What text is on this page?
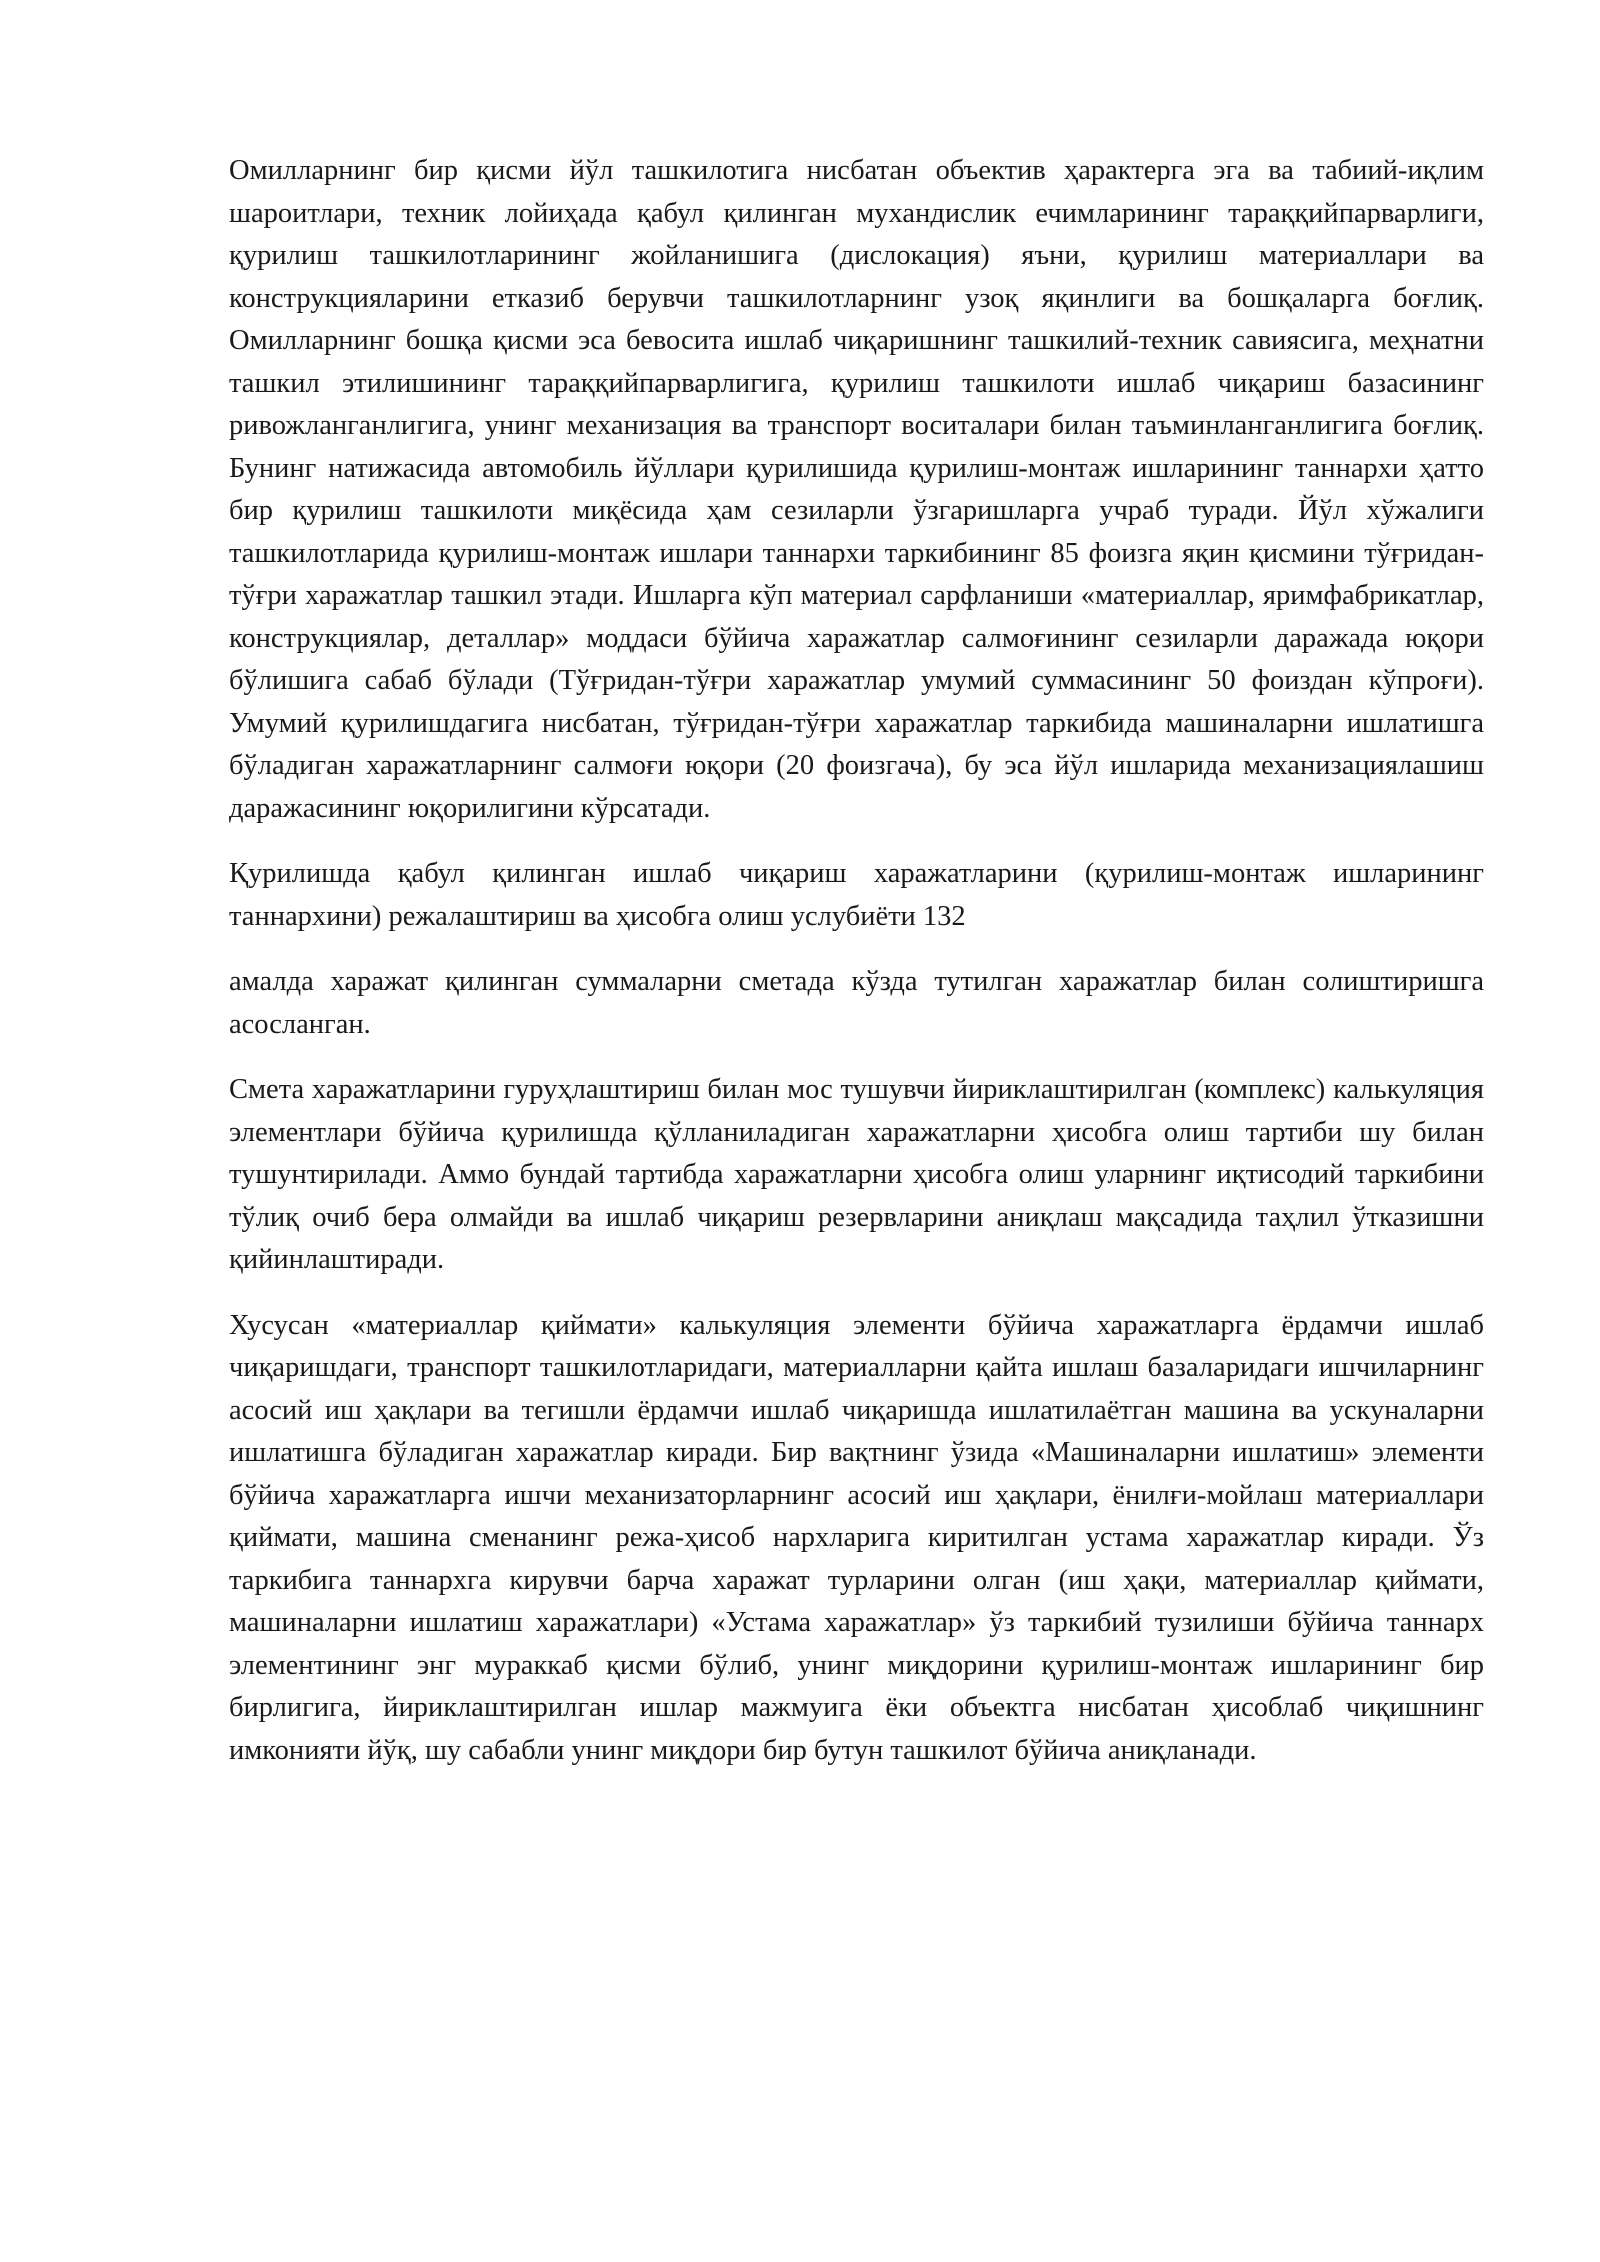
Омилларнинг бир қисми йўл ташкилотига нисбатан объектив ҳарактерга эга ва табиий-иқлим шароитлари, техник лойиҳада қабул қилинган мухандислик ечимларининг тараққийпарварлиги, қурилиш ташкилотларининг жойланишига (дислокация) яъни, қурилиш материаллари ва конструкцияларини етказиб берувчи ташкилотларнинг узоқ яқинлиги ва бошқаларга боғлиқ. Омилларнинг бошқа қисми эса бевосита ишлаб чиқаришнинг ташкилий-техник савиясига, меҳнатни ташкил этилишининг тараққийпарварлигига, қурилиш ташкилоти ишлаб чиқариш базасининг ривожланганлигига, унинг механизация ва транспорт воситалари билан таъминланганлигига боғлиқ. Бунинг натижасида автомобиль йўллари қурилишида қурилиш-монтаж ишларининг таннархи ҳатто бир қурилиш ташкилоти миқёсида ҳам сезиларли ўзгаришларга учраб туради. Йўл хўжалиги ташкилотларида қурилиш-монтаж ишлари таннархи таркибининг 85 фоизга яқин қисмини тўғридан-тўғри харажатлар ташкил этади. Ишларга кўп материал сарфланиши «материаллар, яримфабрикатлар, конструкциялар, деталлар» моддаси бўйича харажатлар салмоғининг сезиларли даражада юқори бўлишига сабаб бўлади (Тўғридан-тўғри харажатлар умумий суммасининг 50 фоиздан кўпроғи). Умумий қурилишдагига нисбатан, тўғридан-тўғри харажатлар таркибида машиналарни ишлатишга бўладиган харажатларнинг салмоғи юқори (20 фоизгача), бу эса йўл ишларида механизациялашиш даражасининг юқорилигини кўрсатади.

Қурилишда қабул қилинган ишлаб чиқариш харажатларини (қурилиш-монтаж ишларининг таннархини) режалаштириш ва ҳисобга олиш услубиёти 132

амалда харажат қилинган суммаларни сметада кўзда тутилган харажатлар билан солиштиришга асосланган.

Смета харажатларини гуруҳлаштириш билан мос тушувчи йириклаштирилган (комплекс) калькуляция элементлари бўйича қурилишда қўлланиладиган харажатларни ҳисобга олиш тартиби шу билан тушунтирилади. Аммо бундай тартибда харажатларни ҳисобга олиш уларнинг иқтисодий таркибини тўлиқ очиб бера олмайди ва ишлаб чиқариш резервларини аниқлаш мақсадида таҳлил ўтказишни қийинлаштиради.

Хусусан «материаллар қиймати» калькуляция элементи бўйича харажатларга ёрдамчи ишлаб чиқаришдаги, транспорт ташкилотларидаги, материалларни қайта ишлаш базаларидаги ишчиларнинг асосий иш ҳақлари ва тегишли ёрдамчи ишлаб чиқаришда ишлатилаётган машина ва ускуналарни ишлатишга бўладиган харажатлар киради. Бир вақтнинг ўзида «Машиналарни ишлатиш» элементи бўйича харажатларга ишчи механизаторларнинг асосий иш ҳақлари, ёнилғи-мойлаш материаллари қиймати, машина сменанинг режа-ҳисоб нархларига киритилган устама харажатлар киради. Ўз таркибига таннархга кирувчи барча харажат турларини олган (иш ҳақи, материаллар қиймати, машиналарни ишлатиш харажатлари) «Устама харажатлар» ўз таркибий тузилиши бўйича таннарх элементининг энг мураккаб қисми бўлиб, унинг миқдорини қурилиш-монтаж ишларининг бир бирлигига, йириклаштирилган ишлар мажмуига ёки объектга нисбатан ҳисоблаб чиқишнинг имконияти йўқ, шу сабабли унинг миқдори бир бутун ташкилот бўйича аниқланади.
